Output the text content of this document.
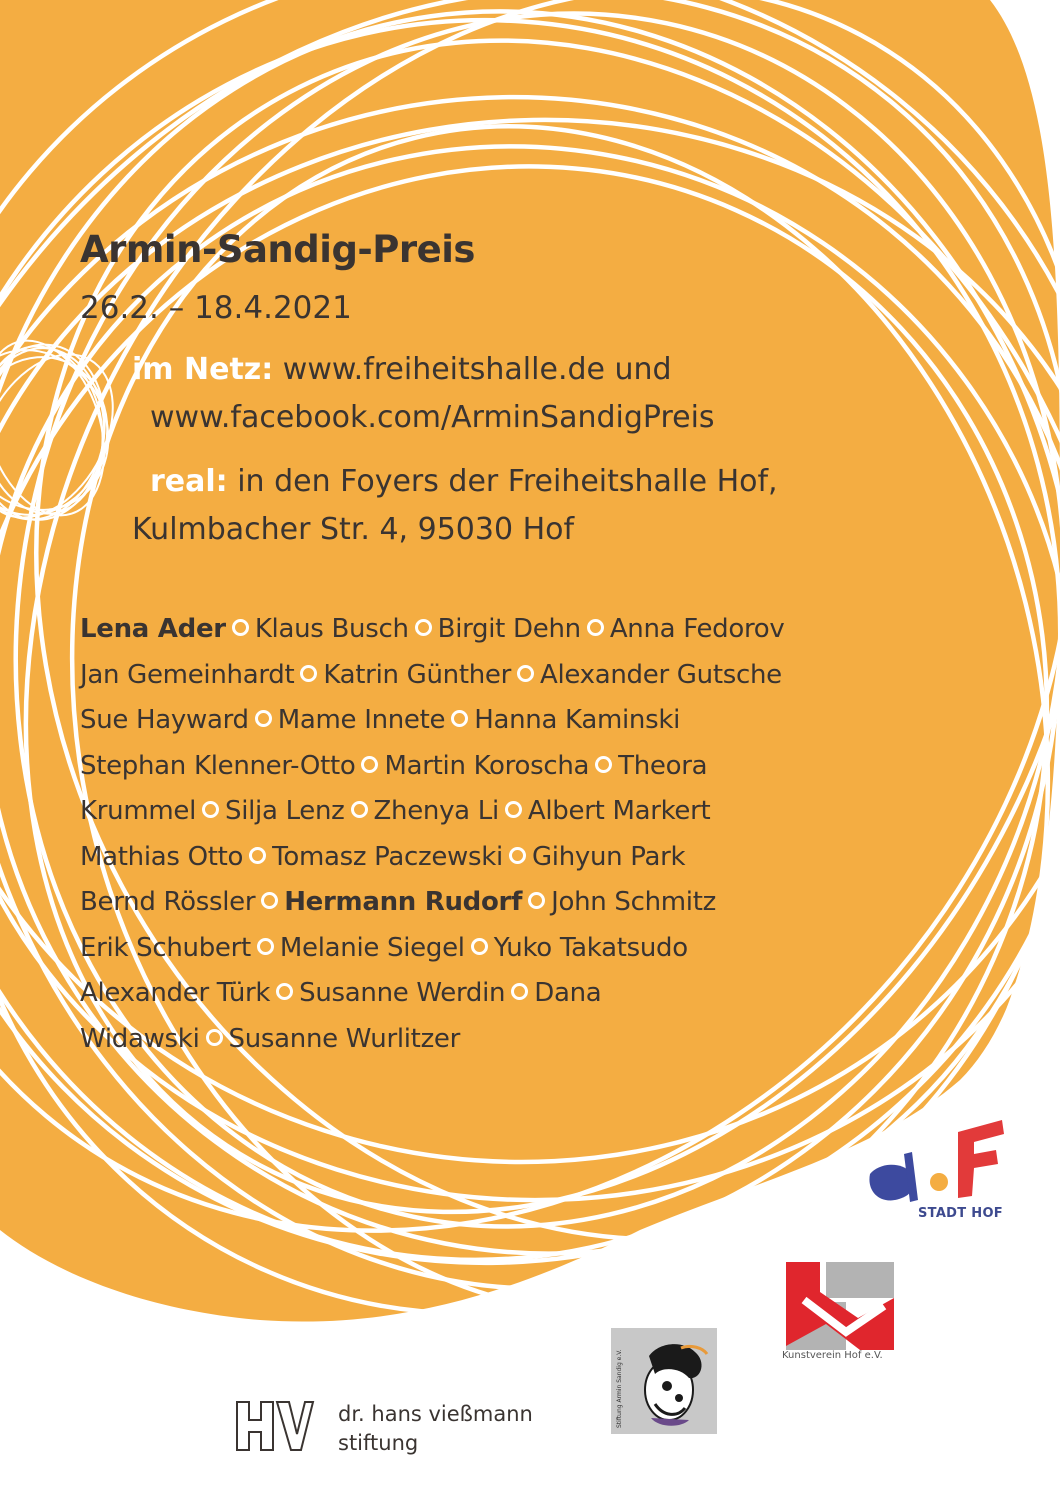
Armin-Sandig-Preis
26.2. – 18.4.2021
im Netz: www.freiheitshalle.de und
www.facebook.com/ArminSandigPreis
real: in den Foyers der Freiheitshalle Hof,
Kulmbacher Str. 4, 95030 Hof
Lena Ader Klaus Busch Birgit Dehn Anna Fedorov
Jan Gemeinhardt Katrin Günther Alexander Gutsche
Sue Hayward Mame Innete Hanna Kaminski
Stephan Klenner-Otto Martin Koroscha Theora
Krummel Silja Lenz Zhenya Li Albert Markert
Mathias Otto Tomasz Paczewski Gihyun Park
Bernd Rössler Hermann Rudorf John Schmitz
Erik Schubert Melanie Siegel Yuko Takatsudo
Alexander Türk Susanne Werdin Dana
Widawski Susanne Wurlitzer
STADT HOF
Kunstverein Hof e.V.
Stiftung Armin Sandig e.V.
dr. hans vießmann
stiftung
